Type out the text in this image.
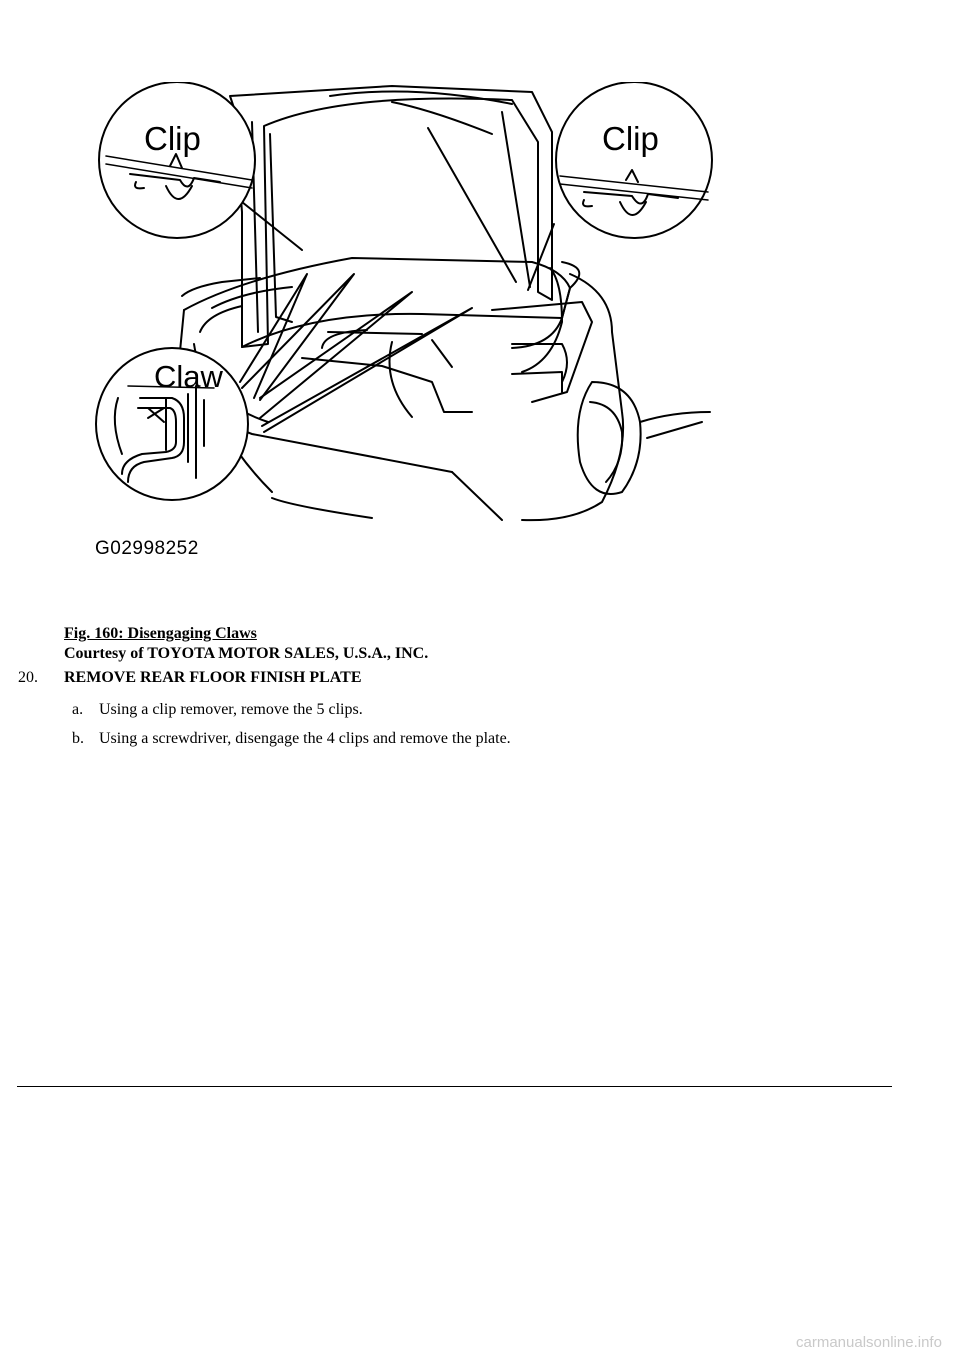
Clip	Clip
Claw
G02998252
Fig. 160: Disengaging Claws
Courtesy of TOYOTA MOTOR SALES, U.S.A., INC.
20. REMOVE REAR FLOOR FINISH PLATE
a. Using a clip remover, remove the 5 clips.
b. Using a screwdriver, disengage the 4 clips and remove the plate.
carmanualsonline.info
